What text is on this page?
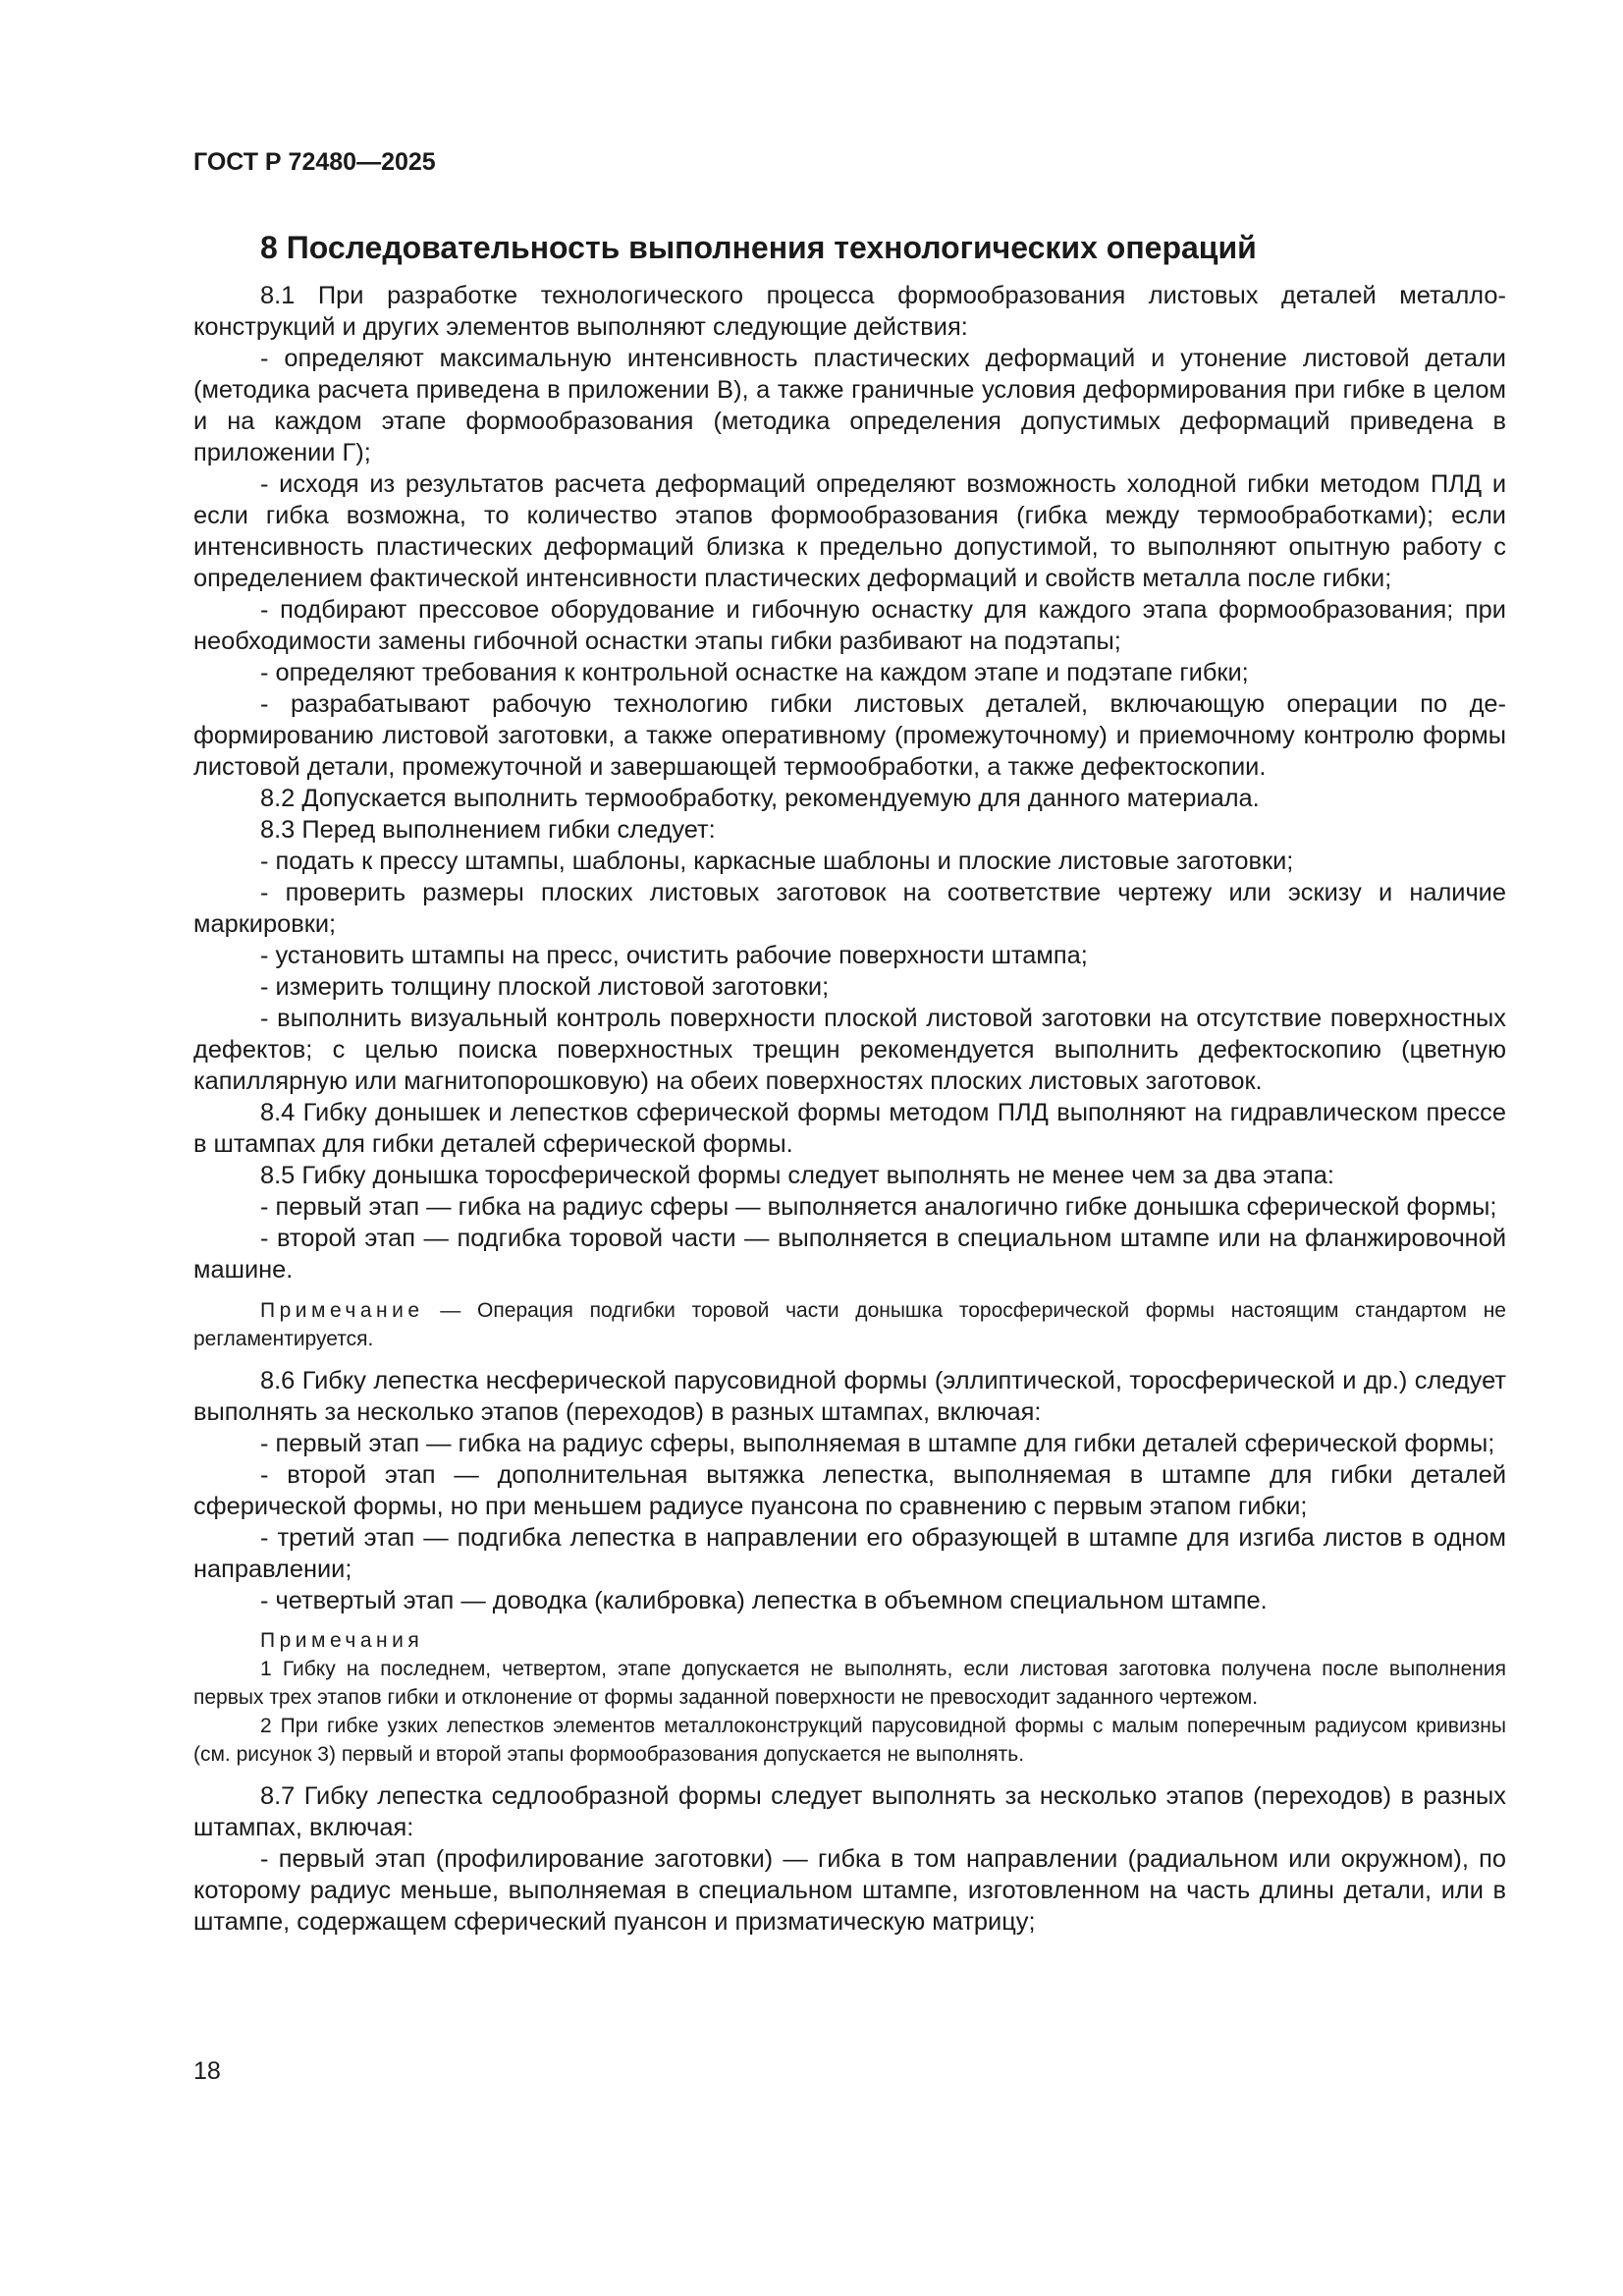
ГОСТ Р 72480—2025
8 Последовательность выполнения технологических операций

8.1 При разработке технологического процесса формообразования листовых деталей металлоконструкций и других элементов выполняют следующие действия:

- определяют максимальную интенсивность пластических деформаций и утонение листовой детали (методика расчета приведена в приложении В), а также граничные условия деформирования при гибке в целом и на каждом этапе формообразования (методика определения допустимых деформаций приведена в приложении Г);

- исходя из результатов расчета деформаций определяют возможность холодной гибки методом ПЛД и если гибка возможна, то количество этапов формообразования (гибка между термообработками); если интенсивность пластических деформаций близка к предельно допустимой, то выполняют опытную работу с определением фактической интенсивности пластических деформаций и свойств металла после гибки;

- подбирают прессовое оборудование и гибочную оснастку для каждого этапа формообразования; при необходимости замены гибочной оснастки этапы гибки разбивают на подэтапы;

- определяют требования к контрольной оснастке на каждом этапе и подэтапе гибки;

- разрабатывают рабочую технологию гибки листовых деталей, включающую операции по деформированию листовой заготовки, а также оперативному (промежуточному) и приемочному контролю формы листовой детали, промежуточной и завершающей термообработки, а также дефектоскопии.

8.2 Допускается выполнить термообработку, рекомендуемую для данного материала.

8.3 Перед выполнением гибки следует:

- подать к прессу штампы, шаблоны, каркасные шаблоны и плоские листовые заготовки;

- проверить размеры плоских листовых заготовок на соответствие чертежу или эскизу и наличие маркировки;

- установить штампы на пресс, очистить рабочие поверхности штампа;

- измерить толщину плоской листовой заготовки;

- выполнить визуальный контроль поверхности плоской листовой заготовки на отсутствие поверхностных дефектов; с целью поиска поверхностных трещин рекомендуется выполнить дефектоскопию (цветную капиллярную или магнитопорошковую) на обеих поверхностях плоских листовых заготовок.

8.4 Гибку донышек и лепестков сферической формы методом ПЛД выполняют на гидравлическом прессе в штампах для гибки деталей сферической формы.

8.5 Гибку донышка торосферической формы следует выполнять не менее чем за два этапа:

- первый этап — гибка на радиус сферы — выполняется аналогично гибке донышка сферической формы;

- второй этап — подгибка торовой части — выполняется в специальном штампе или на фланжировочной машине.

Примечание — Операция подгибки торовой части донышка торосферической формы настоящим стандартом не регламентируется.

8.6 Гибку лепестка несферической парусовидной формы (эллиптической, торосферической и др.) следует выполнять за несколько этапов (переходов) в разных штампах, включая:

- первый этап — гибка на радиус сферы, выполняемая в штампе для гибки деталей сферической формы;

- второй этап — дополнительная вытяжка лепестка, выполняемая в штампе для гибки деталей сферической формы, но при меньшем радиусе пуансона по сравнению с первым этапом гибки;

- третий этап — подгибка лепестка в направлении его образующей в штампе для изгиба листов в одном направлении;

- четвертый этап — доводка (калибровка) лепестка в объемном специальном штампе.

Примечания

1 Гибку на последнем, четвертом, этапе допускается не выполнять, если листовая заготовка получена после выполнения первых трех этапов гибки и отклонение от формы заданной поверхности не превосходит заданного чертежом.

2 При гибке узких лепестков элементов металлоконструкций парусовидной формы с малым поперечным радиусом кривизны (см. рисунок 3) первый и второй этапы формообразования допускается не выполнять.

8.7 Гибку лепестка седлообразной формы следует выполнять за несколько этапов (переходов) в разных штампах, включая:

- первый этап (профилирование заготовки) — гибка в том направлении (радиальном или окружном), по которому радиус меньше, выполняемая в специальном штампе, изготовленном на часть длины детали, или в штампе, содержащем сферический пуансон и призматическую матрицу;

18
